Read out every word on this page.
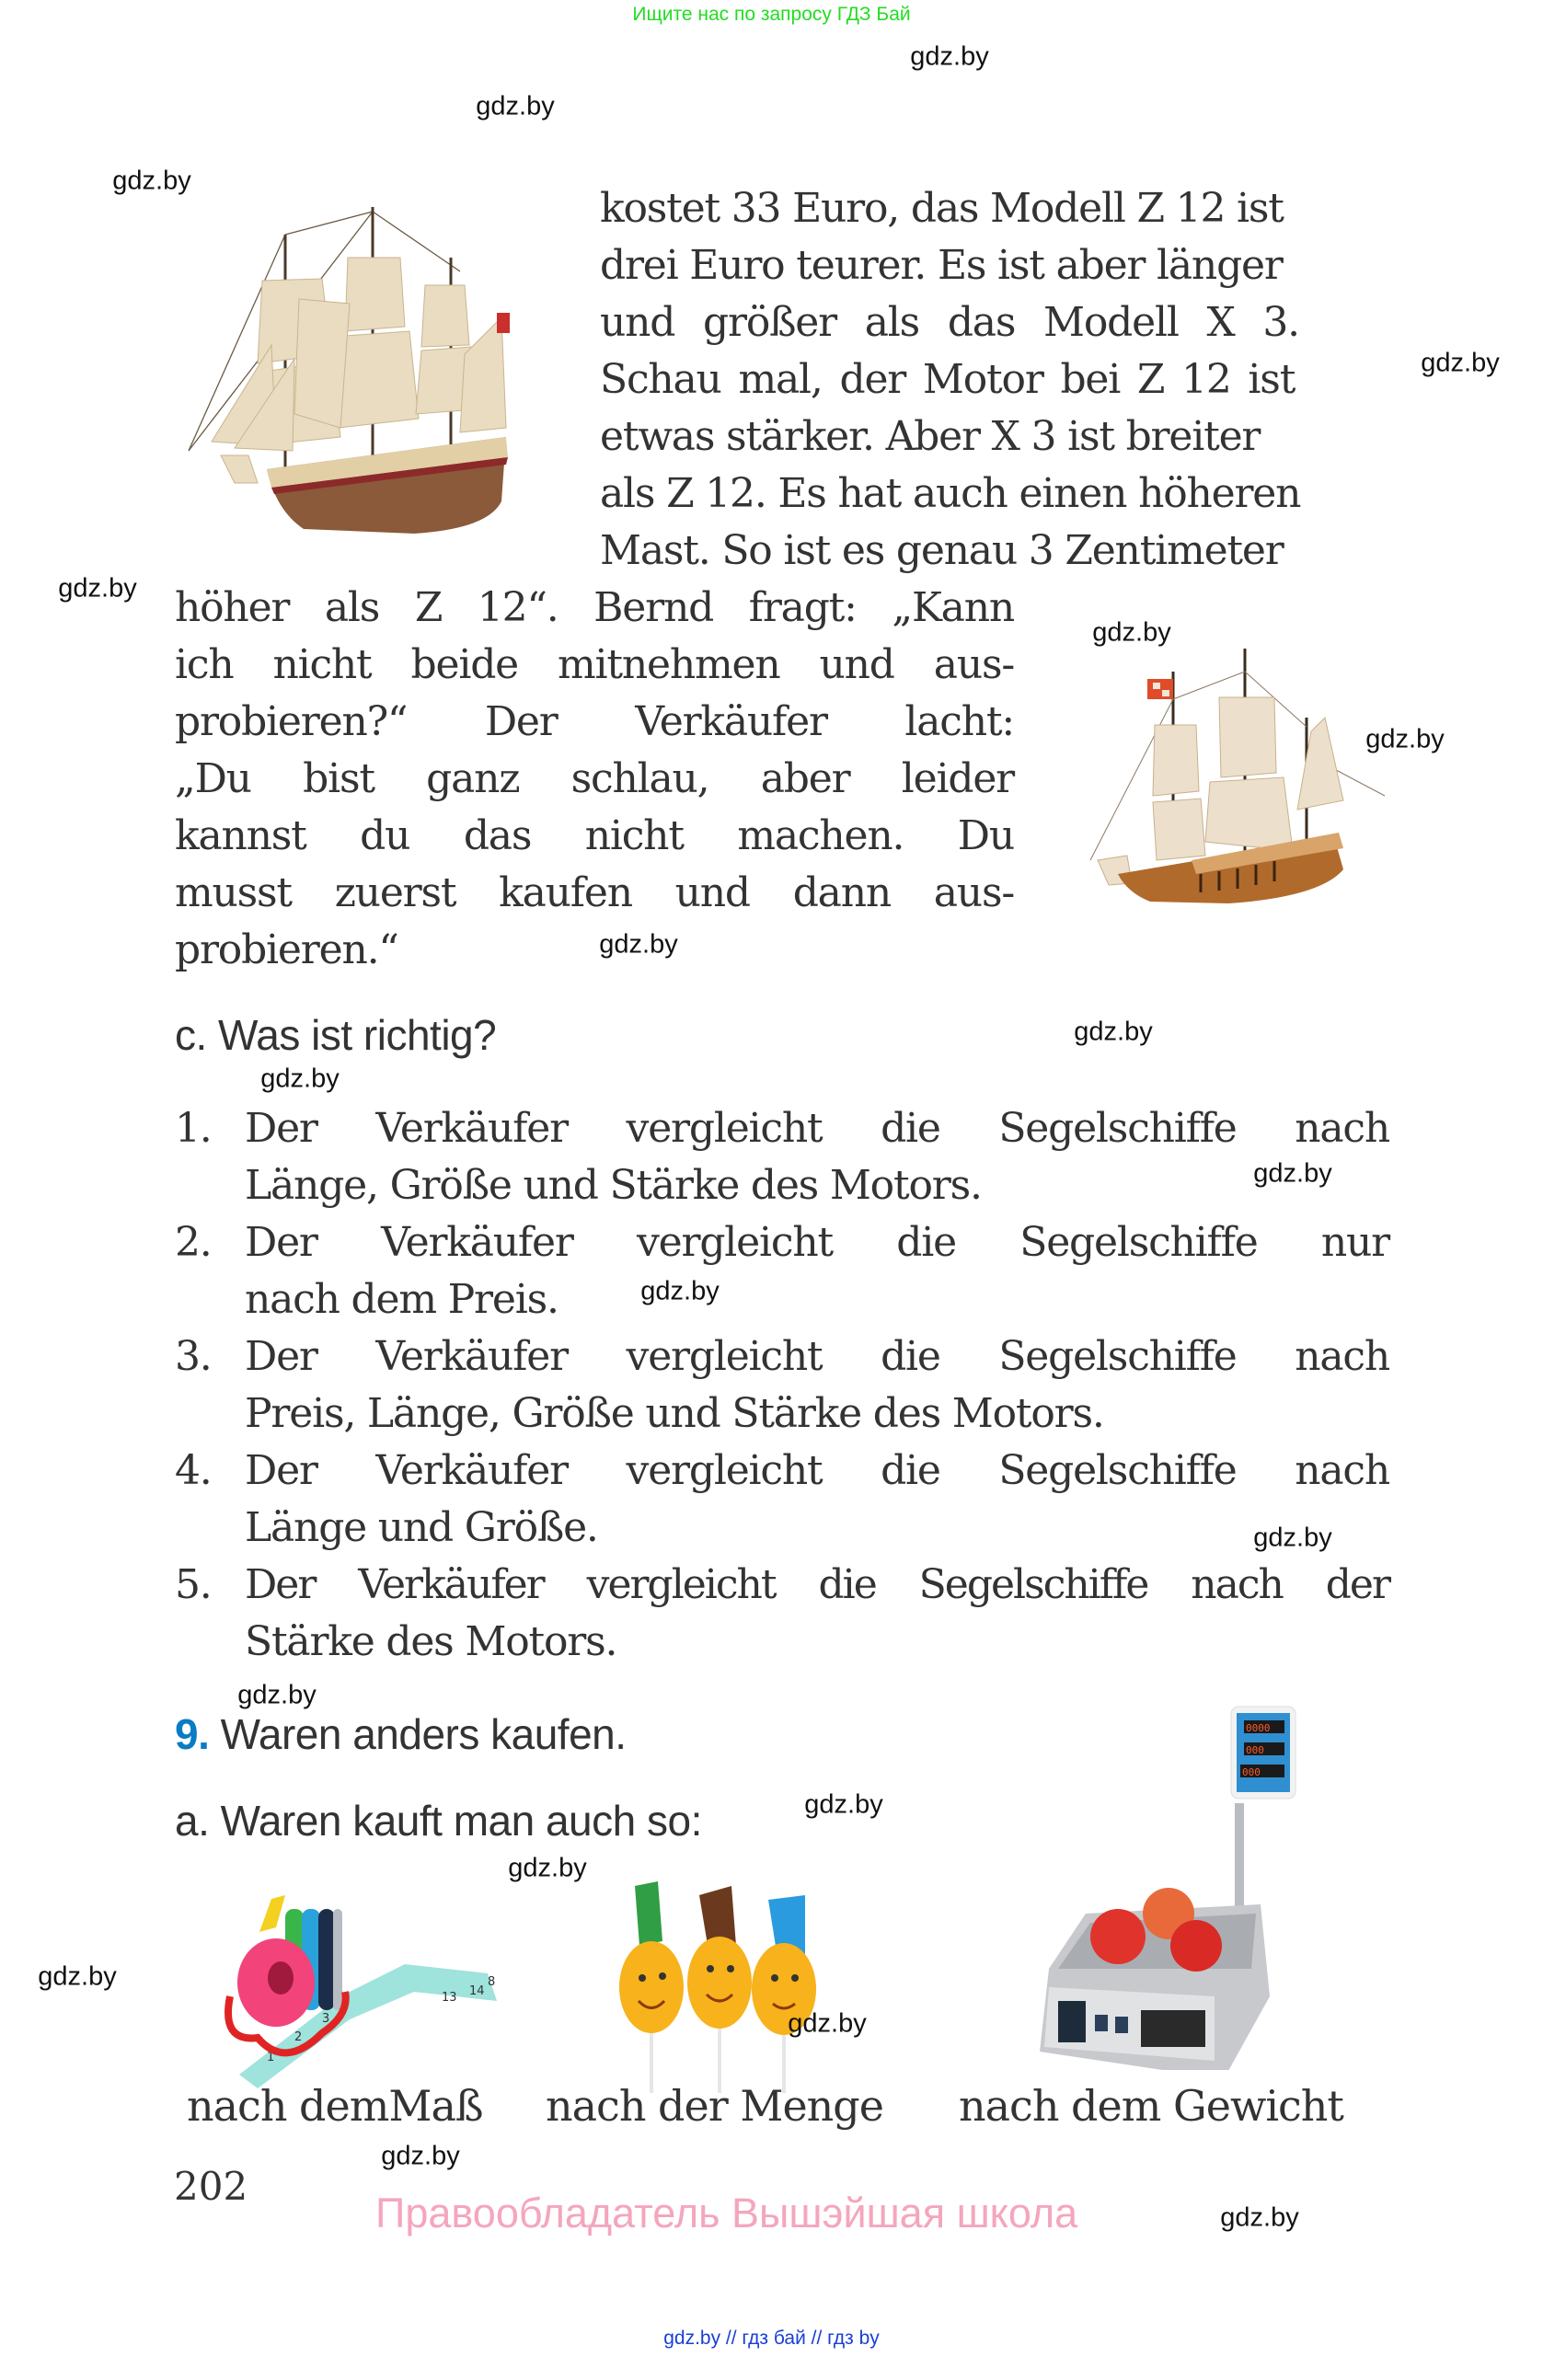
Ищите нас по запросу ГДЗ Бай
kostet 33 Euro, das Modell Z 12 ist
drei Euro teurer. Es ist aber länger
und größer als das Modell X 3.
Schau mal, der Motor bei Z 12 ist
etwas stärker. Aber X 3 ist breiter
als Z 12. Es hat auch einen höheren
Mast. So ist es genau 3 Zentimeter
höher als Z 12“. Bernd fragt: „Kann
ich nicht beide mitnehmen und aus-
probieren?“ Der Verkäufer lacht:
„Du bist ganz schlau, aber leider
kannst du das nicht machen. Du
musst zuerst kaufen und dann aus-
probieren.“
c. Was ist richtig?
1. Der Verkäufer vergleicht die Segelschiffe nach
Länge, Größe und Stärke des Motors.
2. Der Verkäufer vergleicht die Segelschiffe nur
nach dem Preis.
3. Der Verkäufer vergleicht die Segelschiffe nach
Preis, Länge, Größe und Stärke des Motors.
4. Der Verkäufer vergleicht die Segelschiffe nach
Länge und Größe.
5. Der Verkäufer vergleicht die Segelschiffe nach der
Stärke des Motors.
9. Waren anders kaufen.
a. Waren kauft man auch so:
1
2
3
13 14
8
0000
000
000
nach demMaß nach der Menge nach dem Gewicht
202
Правообладатель Вышэйшая школа
gdz.by // гдз бай // гдз by
gdz.by
gdz.by
gdz.by
gdz.by
gdz.by
gdz.by
gdz.by
gdz.by
gdz.by
gdz.by
gdz.by
gdz.by
gdz.by
gdz.by
gdz.by
gdz.by
gdz.by
gdz.by
gdz.by
gdz.by
